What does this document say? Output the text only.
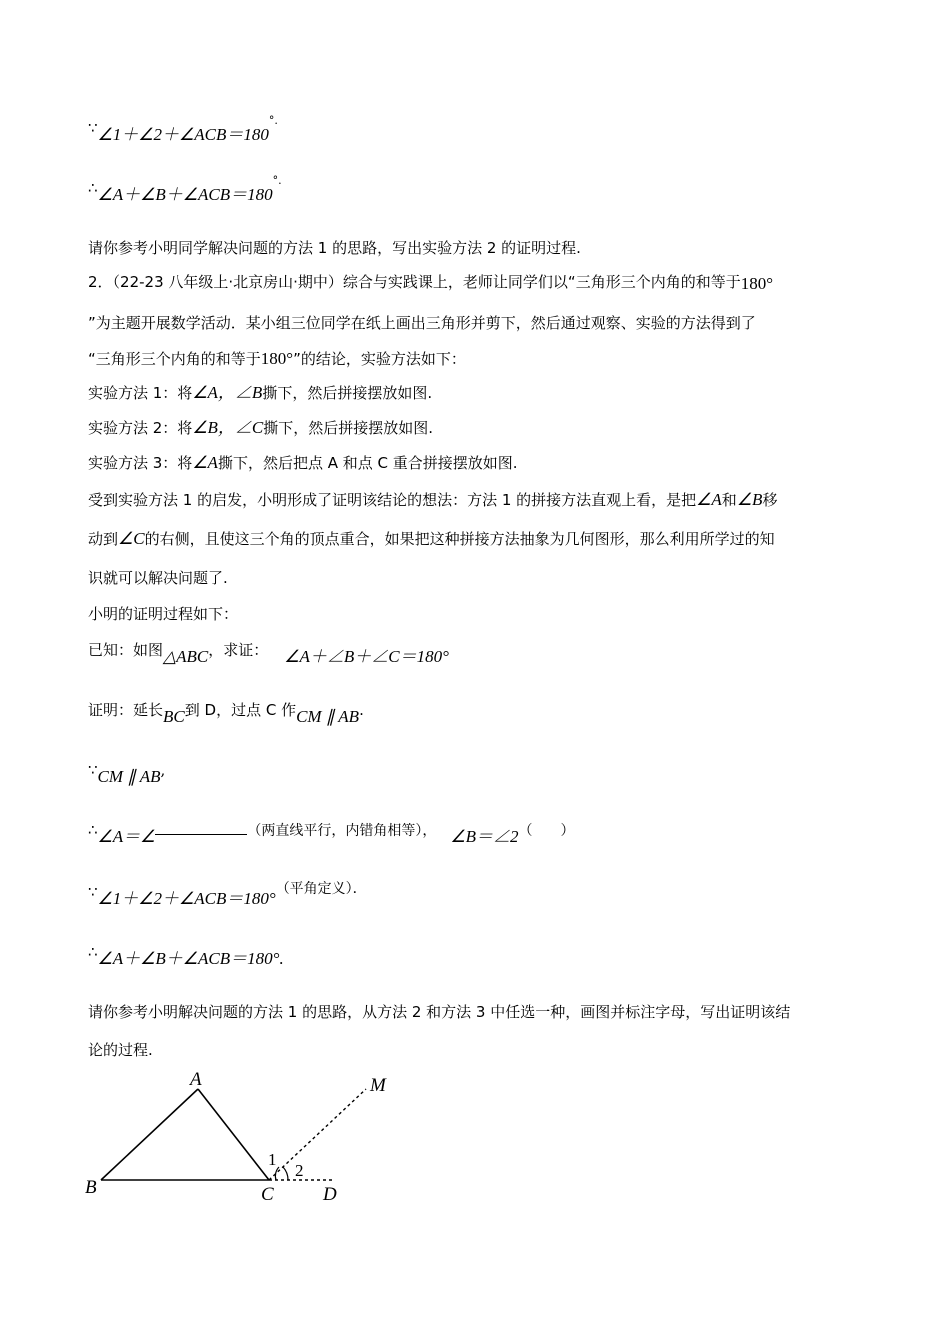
∵∠1＋∠2＋∠ACB＝180°.
∴∠A＋∠B＋∠ACB＝180°.
请你参考小明同学解决问题的方法 1 的思路，写出实验方法 2 的证明过程.
2．（22-23 八年级上·北京房山·期中）综合与实践课上，老师让同学们以“三角形三个内角的和等于180°
”为主题开展数学活动．某小组三位同学在纸上画出三角形并剪下，然后通过观察、实验的方法得到了
“三角形三个内角的和等于180°”的结论，实验方法如下：
实验方法 1：将∠A，∠B撕下，然后拼接摆放如图.
实验方法 2：将∠B，∠C撕下，然后拼接摆放如图.
实验方法 3：将∠A撕下，然后把点 A 和点 C 重合拼接摆放如图.
受到实验方法 1 的启发，小明形成了证明该结论的想法：方法 1 的拼接方法直观上看，是把∠A和∠B移
动到∠C的右侧，且使这三个角的顶点重合，如果把这种拼接方法抽象为几何图形，那么利用所学过的知
识就可以解决问题了.
小明的证明过程如下：
已知：如图△ABC，求证： ∠A＋∠B＋∠C＝180°
证明：延长BC到 D，过点 C 作CM ∥ AB.
∵CM ∥ AB,
∴∠A＝∠	（两直线平行，内错角相等）， ∠B＝∠2（　　）
∵∠1＋∠2＋∠ACB＝180°（平角定义）．
∴∠A＋∠B＋∠ACB＝180°.
请你参考小明解决问题的方法 1 的思路，从方法 2 和方法 3 中任选一种，画图并标注字母，写出证明该结
论的过程.
A
B	C	D
M
1
2
